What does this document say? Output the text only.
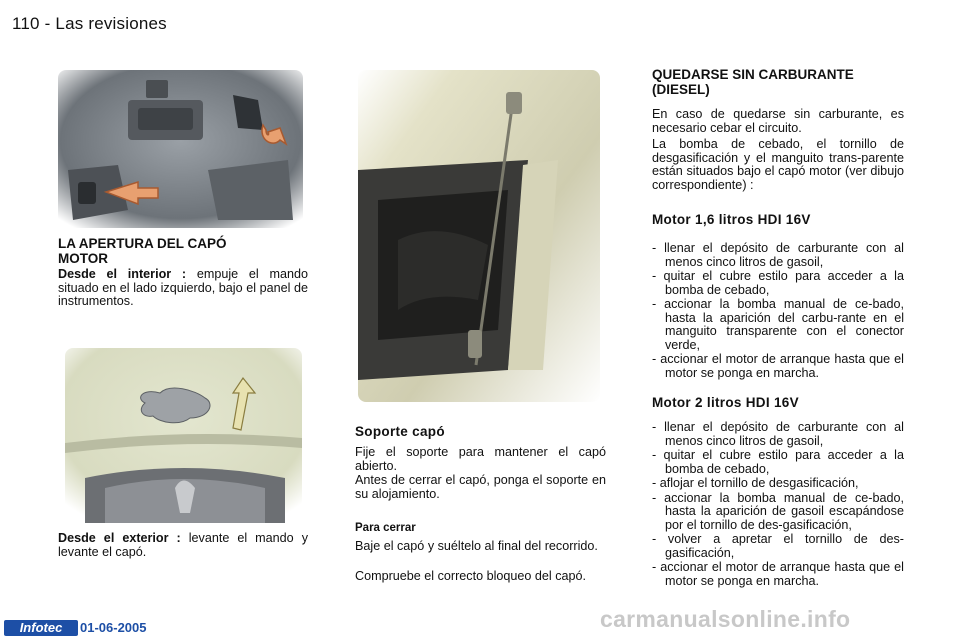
110 - Las revisiones
LA APERTURA DEL CAPÓ MOTOR

Desde el interior : empuje el mando situado en el lado izquierdo, bajo el panel de instrumentos.

Desde el exterior : levante el mando y levante el capó.

Soporte capó

Fije el soporte para mantener el capó abierto.

Antes de cerrar el capó, ponga el soporte en su alojamiento.

Para cerrar

Baje el capó y suéltelo al final del recorrido.

Compruebe el correcto bloqueo del capó.

QUEDARSE SIN CARBURANTE (DIESEL)

En caso de quedarse sin carburante, es necesario cebar el circuito.

La bomba de cebado, el tornillo de desgasificación y el manguito trans-parente están situados bajo el capó motor (ver dibujo correspondiente) :

Motor 1,6 litros HDI 16V
- llenar el depósito de carburante con al menos cinco litros de gasoil,
- quitar el cubre estilo para acceder a la bomba de cebado,
- accionar la bomba manual de ce-bado, hasta la aparición del carbu-rante en el manguito transparente con el conector verde,
- accionar el motor de arranque hasta que el motor se ponga en marcha.
Motor 2 litros HDI 16V
- llenar el depósito de carburante con al menos cinco litros de gasoil,
- quitar el cubre estilo para acceder a la bomba de cebado,
- aflojar el tornillo de desgasificación,
- accionar la bomba manual de ce-bado, hasta la aparición de gasoil escapándose por el tornillo de des-gasificación,
- volver a apretar el tornillo de des-gasificación,
- accionar el motor de arranque hasta que el motor se ponga en marcha.
Infotec	01-06-2005	carmanualsonline.info
